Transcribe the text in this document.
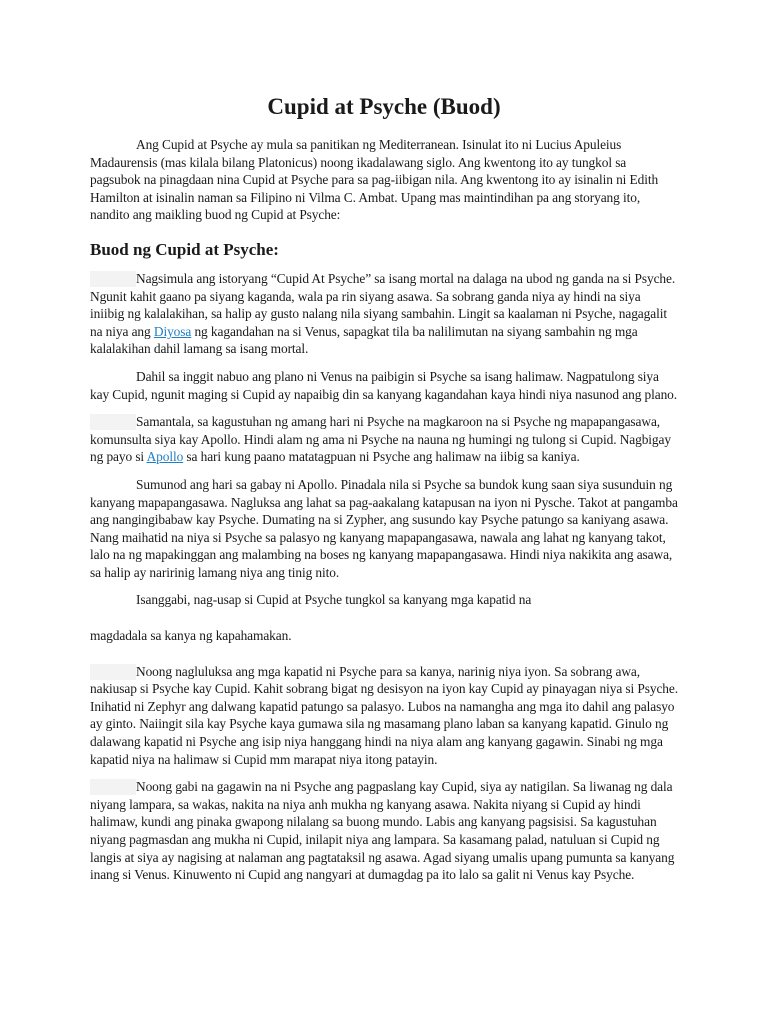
Cupid at Psyche (Buod)

Ang Cupid at Psyche ay mula sa panitikan ng Mediterranean. Isinulat ito ni Lucius Apuleius Madaurensis (mas kilala bilang Platonicus) noong ikadalawang siglo. Ang kwentong ito ay tungkol sa pagsubok na pinagdaan nina Cupid at Psyche para sa pag-iibigan nila. Ang kwentong ito ay isinalin ni Edith Hamilton at isinalin naman sa Filipino ni Vilma C. Ambat. Upang mas maintindihan pa ang storyang ito, nandito ang maikling buod ng Cupid at Psyche:

Buod ng Cupid at Psyche:

Nagsimula ang istoryang “Cupid At Psyche” sa isang mortal na dalaga na ubod ng ganda na si Psyche. Ngunit kahit gaano pa siyang kaganda, wala pa rin siyang asawa. Sa sobrang ganda niya ay hindi na siya iniibig ng kalalakihan, sa halip ay gusto nalang nila siyang sambahin. Lingit sa kaalaman ni Psyche, nagagalit na niya ang Diyosa ng kagandahan na si Venus, sapagkat tila ba nalilimutan na siyang sambahin ng mga kalalakihan dahil lamang sa isang mortal.

Dahil sa inggit nabuo ang plano ni Venus na paibigin si Psyche sa isang halimaw. Nagpatulong siya kay Cupid, ngunit maging si Cupid ay napaibig din sa kanyang kagandahan kaya hindi niya nasunod ang plano.

Samantala, sa kagustuhan ng amang hari ni Psyche na magkaroon na si Psyche ng mapapangasawa, komunsulta siya kay Apollo. Hindi alam ng ama ni Psyche na nauna ng humingi ng tulong si Cupid. Nagbigay ng payo si Apollo sa hari kung paano matatagpuan ni Psyche ang halimaw na iibig sa kaniya.

Sumunod ang hari sa gabay ni Apollo. Pinadala nila si Psyche sa bundok kung saan siya susunduin ng kanyang mapapangasawa. Nagluksa ang lahat sa pag-aakalang katapusan na iyon ni Pysche. Takot at pangamba ang nangingibabaw kay Psyche. Dumating na si Zypher, ang susundo kay Psyche patungo sa kaniyang asawa. Nang maihatid na niya si Psyche sa palasyo ng kanyang mapapangasawa, nawala ang lahat ng kanyang takot, lalo na ng mapakinggan ang malambing na boses ng kanyang mapapangasawa. Hindi niya nakikita ang asawa, sa halip ay naririnig lamang niya ang tinig nito.

Isanggabi, nag-usap si Cupid at Psyche tungkol sa kanyang mga kapatid na

magdadala sa kanya ng kapahamakan.

Noong nagluluksa ang mga kapatid ni Psyche para sa kanya, narinig niya iyon. Sa sobrang awa, nakiusap si Psyche kay Cupid. Kahit sobrang bigat ng desisyon na iyon kay Cupid ay pinayagan niya si Psyche. Inihatid ni Zephyr ang dalwang kapatid patungo sa palasyo. Lubos na namangha ang mga ito dahil ang palasyo ay ginto. Naiingit sila kay Psyche kaya gumawa sila ng masamang plano laban sa kanyang kapatid. Ginulo ng dalawang kapatid ni Psyche ang isip niya hanggang hindi na niya alam ang kanyang gagawin. Sinabi ng mga kapatid niya na halimaw si Cupid mm marapat niya itong patayin.

Noong gabi na gagawin na ni Psyche ang pagpaslang kay Cupid, siya ay natigilan. Sa liwanag ng dala niyang lampara, sa wakas, nakita na niya anh mukha ng kanyang asawa. Nakita niyang si Cupid ay hindi halimaw, kundi ang pinaka gwapong nilalang sa buong mundo. Labis ang kanyang pagsisisi. Sa kagustuhan niyang pagmasdan ang mukha ni Cupid, inilapit niya ang lampara. Sa kasamang palad, natuluan si Cupid ng langis at siya ay nagising at nalaman ang pagtataksil ng asawa. Agad siyang umalis upang pumunta sa kanyang inang si Venus. Kinuwento ni Cupid ang nangyari at dumagdag pa ito lalo sa galit ni Venus kay Psyche.
